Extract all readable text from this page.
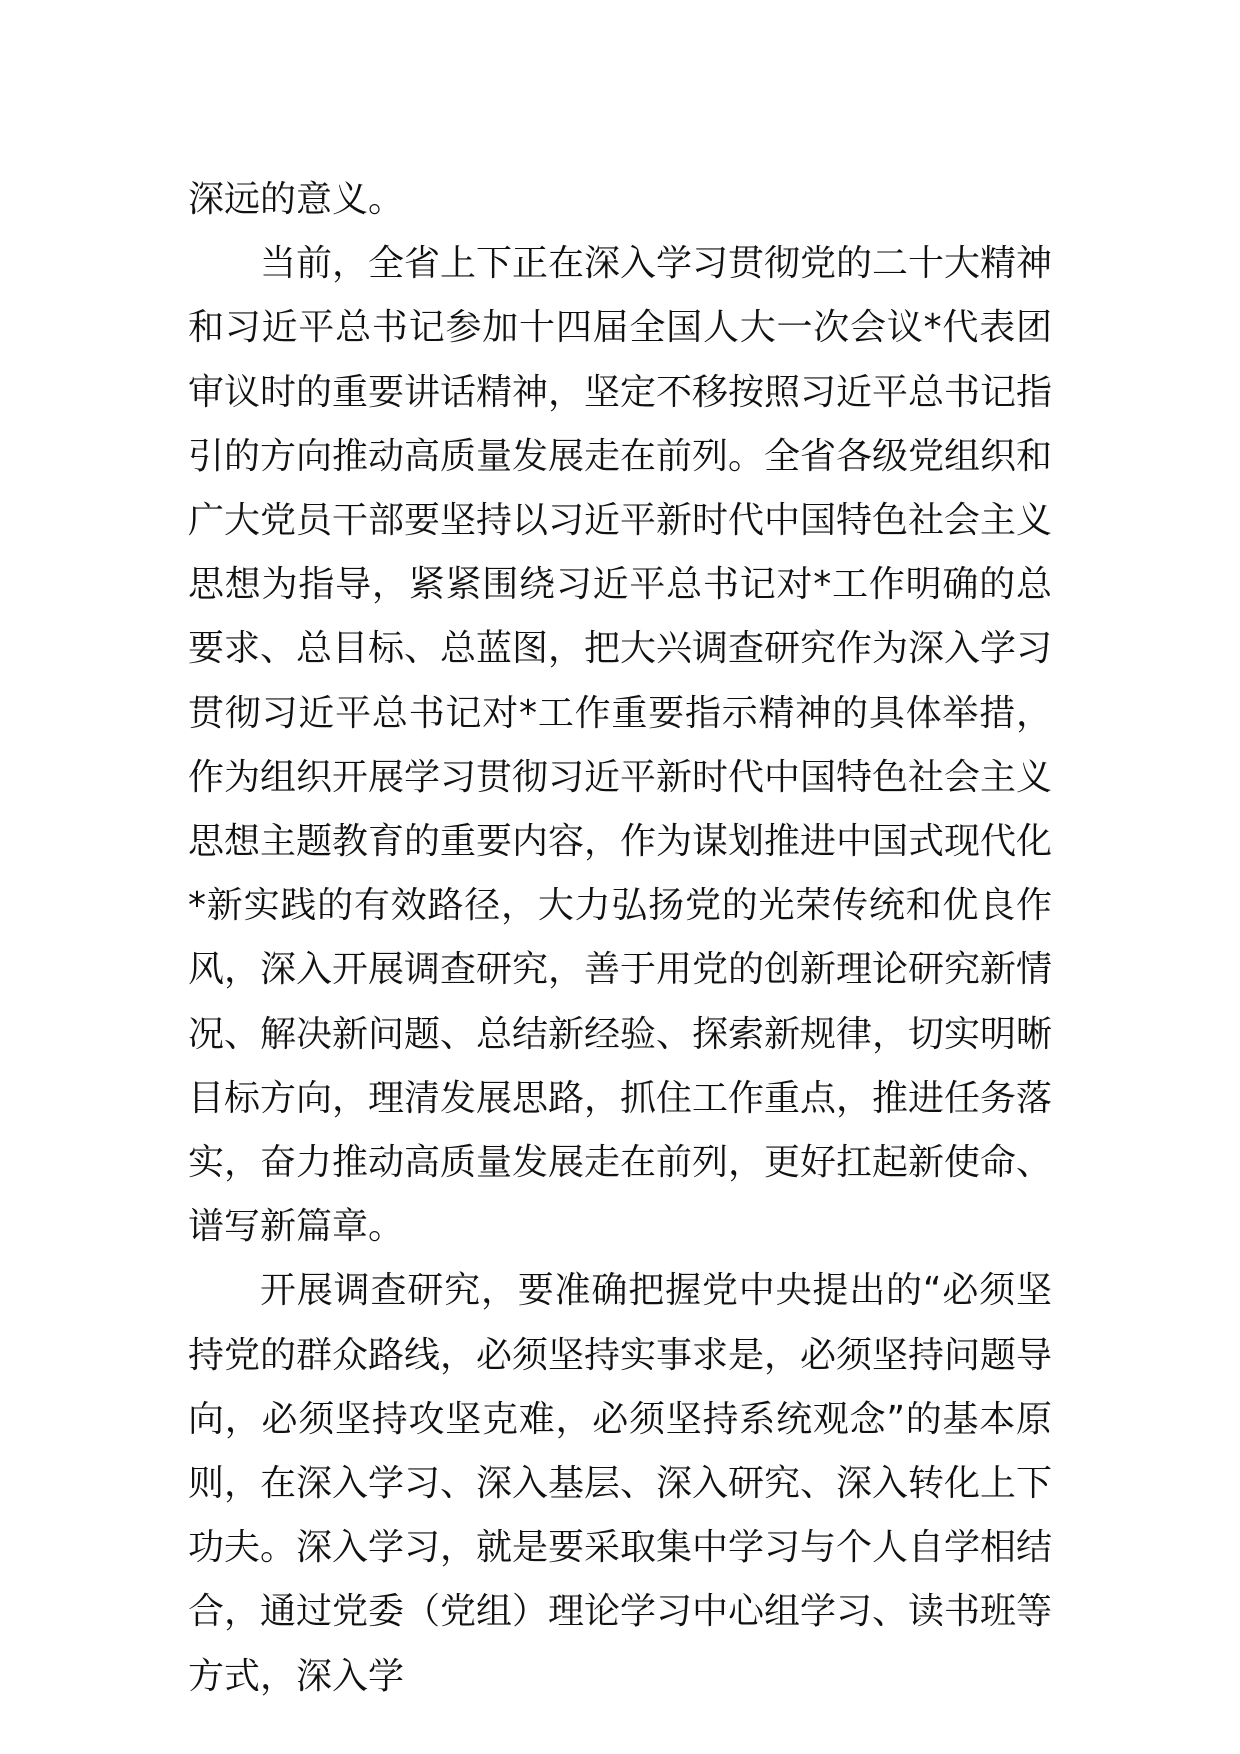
深远的意义。

当前，全省上下正在深入学习贯彻党的二十大精神和习近平总书记参加十四届全国人大一次会议*代表团审议时的重要讲话精神，坚定不移按照习近平总书记指引的方向推动高质量发展走在前列。全省各级党组织和广大党员干部要坚持以习近平新时代中国特色社会主义思想为指导，紧紧围绕习近平总书记对*工作明确的总要求、总目标、总蓝图，把大兴调查研究作为深入学习贯彻习近平总书记对*工作重要指示精神的具体举措，作为组织开展学习贯彻习近平新时代中国特色社会主义思想主题教育的重要内容，作为谋划推进中国式现代化*新实践的有效路径，大力弘扬党的光荣传统和优良作风，深入开展调查研究，善于用党的创新理论研究新情况、解决新问题、总结新经验、探索新规律，切实明晰目标方向，理清发展思路，抓住工作重点，推进任务落实，奋力推动高质量发展走在前列，更好扛起新使命、谱写新篇章。

开展调查研究，要准确把握党中央提出的“必须坚持党的群众路线，必须坚持实事求是，必须坚持问题导向，必须坚持攻坚克难，必须坚持系统观念”的基本原则，在深入学习、深入基层、深入研究、深入转化上下功夫。深入学习，就是要采取集中学习与个人自学相结合，通过党委（党组）理论学习中心组学习、读书班等方式，深入学
